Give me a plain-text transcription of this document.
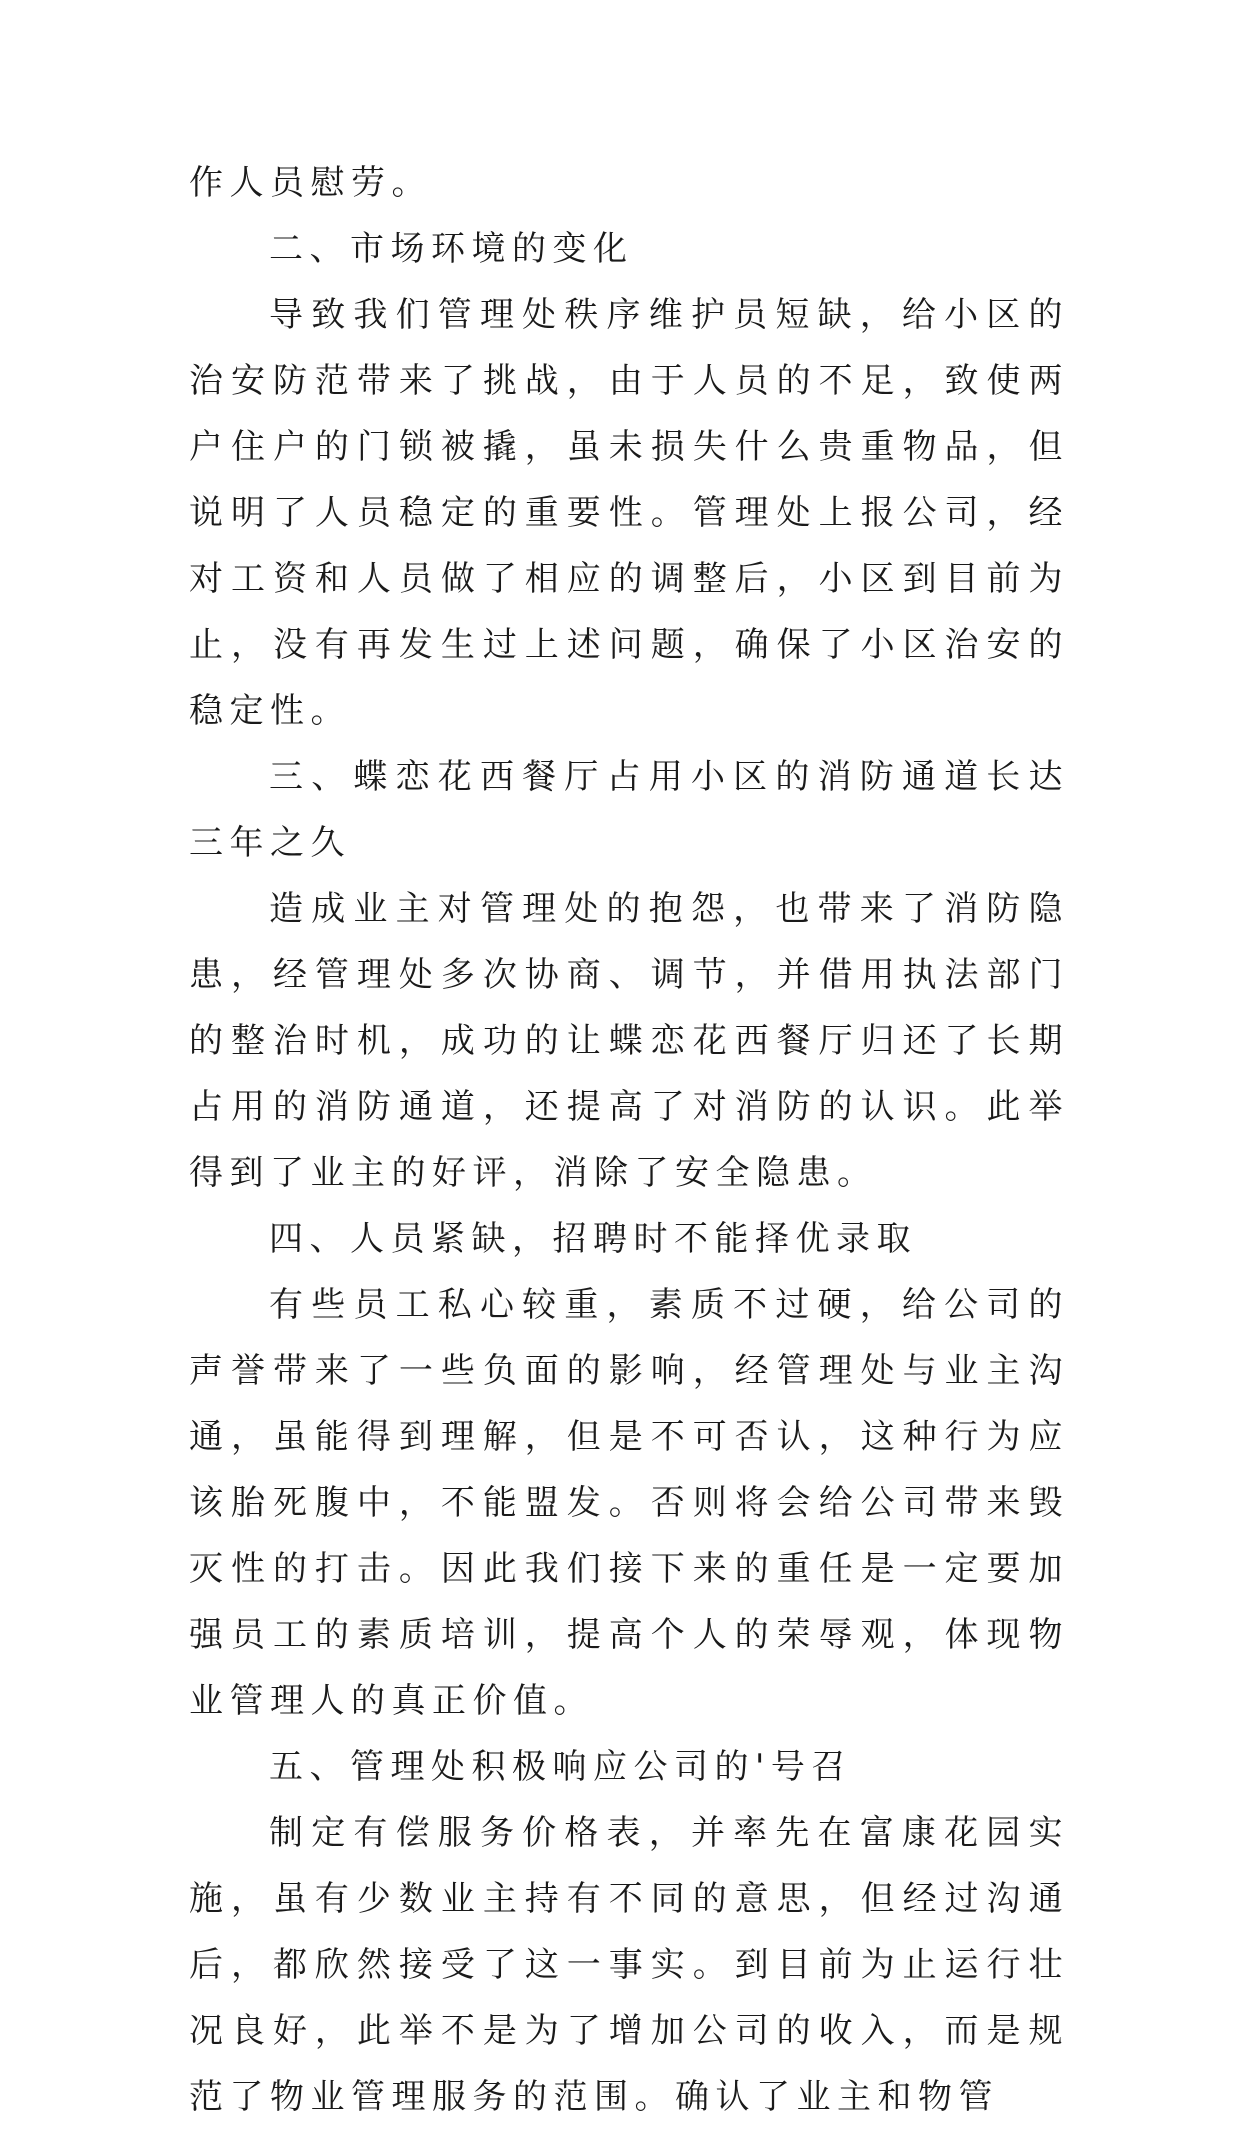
作人员慰劳。

二、市场环境的变化

导致我们管理处秩序维护员短缺，给小区的治安防范带来了挑战，由于人员的不足，致使两户住户的门锁被撬，虽未损失什么贵重物品，但说明了人员稳定的重要性。管理处上报公司，经对工资和人员做了相应的调整后，小区到目前为止，没有再发生过上述问题，确保了小区治安的稳定性。

三、蝶恋花西餐厅占用小区的消防通道长达三年之久

造成业主对管理处的抱怨，也带来了消防隐患，经管理处多次协商、调节，并借用执法部门的整治时机，成功的让蝶恋花西餐厅归还了长期占用的消防通道，还提高了对消防的认识。此举得到了业主的好评，消除了安全隐患。

四、人员紧缺，招聘时不能择优录取

有些员工私心较重，素质不过硬，给公司的声誉带来了一些负面的影响，经管理处与业主沟通，虽能得到理解，但是不可否认，这种行为应该胎死腹中，不能盟发。否则将会给公司带来毁灭性的打击。因此我们接下来的重任是一定要加强员工的素质培训，提高个人的荣辱观，体现物业管理人的真正价值。

五、管理处积极响应公司的'号召

制定有偿服务价格表，并率先在富康花园实施，虽有少数业主持有不同的意思，但经过沟通后，都欣然接受了这一事实。到目前为止运行壮况良好，此举不是为了增加公司的收入，而是规范了物业管理服务的范围。确认了业主和物管
